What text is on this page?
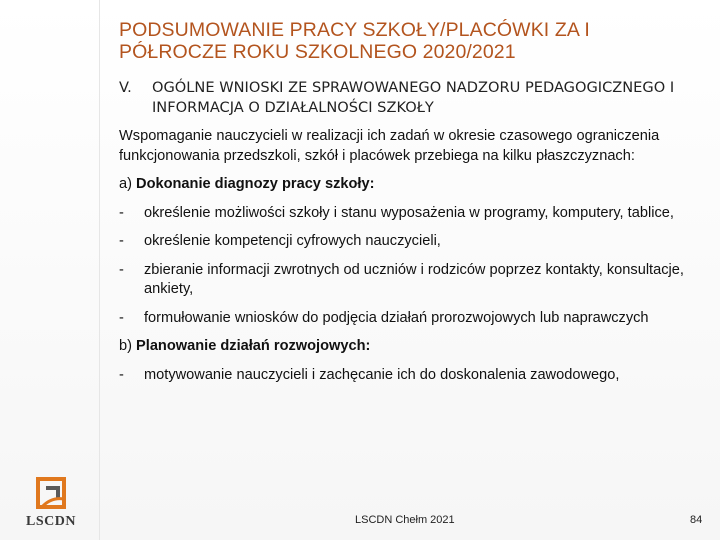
PODSUMOWANIE PRACY SZKOŁY/PLACÓWKI ZA I PÓŁROCZE ROKU SZKOLNEGO 2020/2021
V. OGÓLNE WNIOSKI ZE SPRAWOWANEGO NADZORU PEDAGOGICZNEGO I INFORMACJA O DZIAŁALNOŚCI SZKOŁY

Wspomaganie nauczycieli w realizacji ich zadań w okresie czasowego ograniczenia funkcjonowania przedszkoli, szkół i placówek przebiega na kilku płaszczyznach:

a) Dokonanie diagnozy pracy szkoły:

- określenie możliwości szkoły i stanu wyposażenia w programy, komputery, tablice,
- określenie kompetencji cyfrowych nauczycieli,
- zbieranie informacji zwrotnych od uczniów i rodziców poprzez kontakty, konsultacje, ankiety,
- formułowanie wniosków do podjęcia działań prorozwojowych lub naprawczych

b) Planowanie działań rozwojowych:

- motywowanie nauczycieli i zachęcanie ich do doskonalenia zawodowego,
LSCDN	LSCDN Chełm 2021	84
